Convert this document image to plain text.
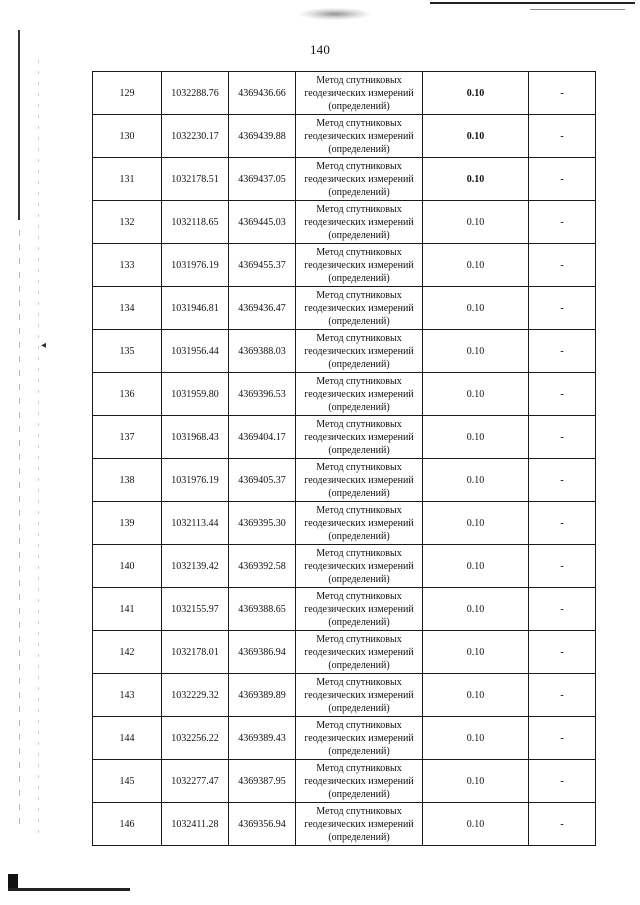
◂
140
129	1032288.76	4369436.66	Метод спутниковых
геодезических измерений
(определений)	0.10	-
130	1032230.17	4369439.88	Метод спутниковых
геодезических измерений
(определений)	0.10	-
131	1032178.51	4369437.05	Метод спутниковых
геодезических измерений
(определений)	0.10	-
132	1032118.65	4369445.03	Метод спутниковых
геодезических измерений
(определений)	0.10	-
133	1031976.19	4369455.37	Метод спутниковых
геодезических измерений
(определений)	0.10	-
134	1031946.81	4369436.47	Метод спутниковых
геодезических измерений
(определений)	0.10	-
135	1031956.44	4369388.03	Метод спутниковых
геодезических измерений
(определений)	0.10	-
136	1031959.80	4369396.53	Метод спутниковых
геодезических измерений
(определений)	0.10	-
137	1031968.43	4369404.17	Метод спутниковых
геодезических измерений
(определений)	0.10	-
138	1031976.19	4369405.37	Метод спутниковых
геодезических измерений
(определений)	0.10	-
139	1032113.44	4369395.30	Метод спутниковых
геодезических измерений
(определений)	0.10	-
140	1032139.42	4369392.58	Метод спутниковых
геодезических измерений
(определений)	0.10	-
141	1032155.97	4369388.65	Метод спутниковых
геодезических измерений
(определений)	0.10	-
142	1032178.01	4369386.94	Метод спутниковых
геодезических измерений
(определений)	0.10	-
143	1032229.32	4369389.89	Метод спутниковых
геодезических измерений
(определений)	0.10	-
144	1032256.22	4369389.43	Метод спутниковых
геодезических измерений
(определений)	0.10	-
145	1032277.47	4369387.95	Метод спутниковых
геодезических измерений
(определений)	0.10	-
146	1032411.28	4369356.94	Метод спутниковых
геодезических измерений
(определений)	0.10	-
